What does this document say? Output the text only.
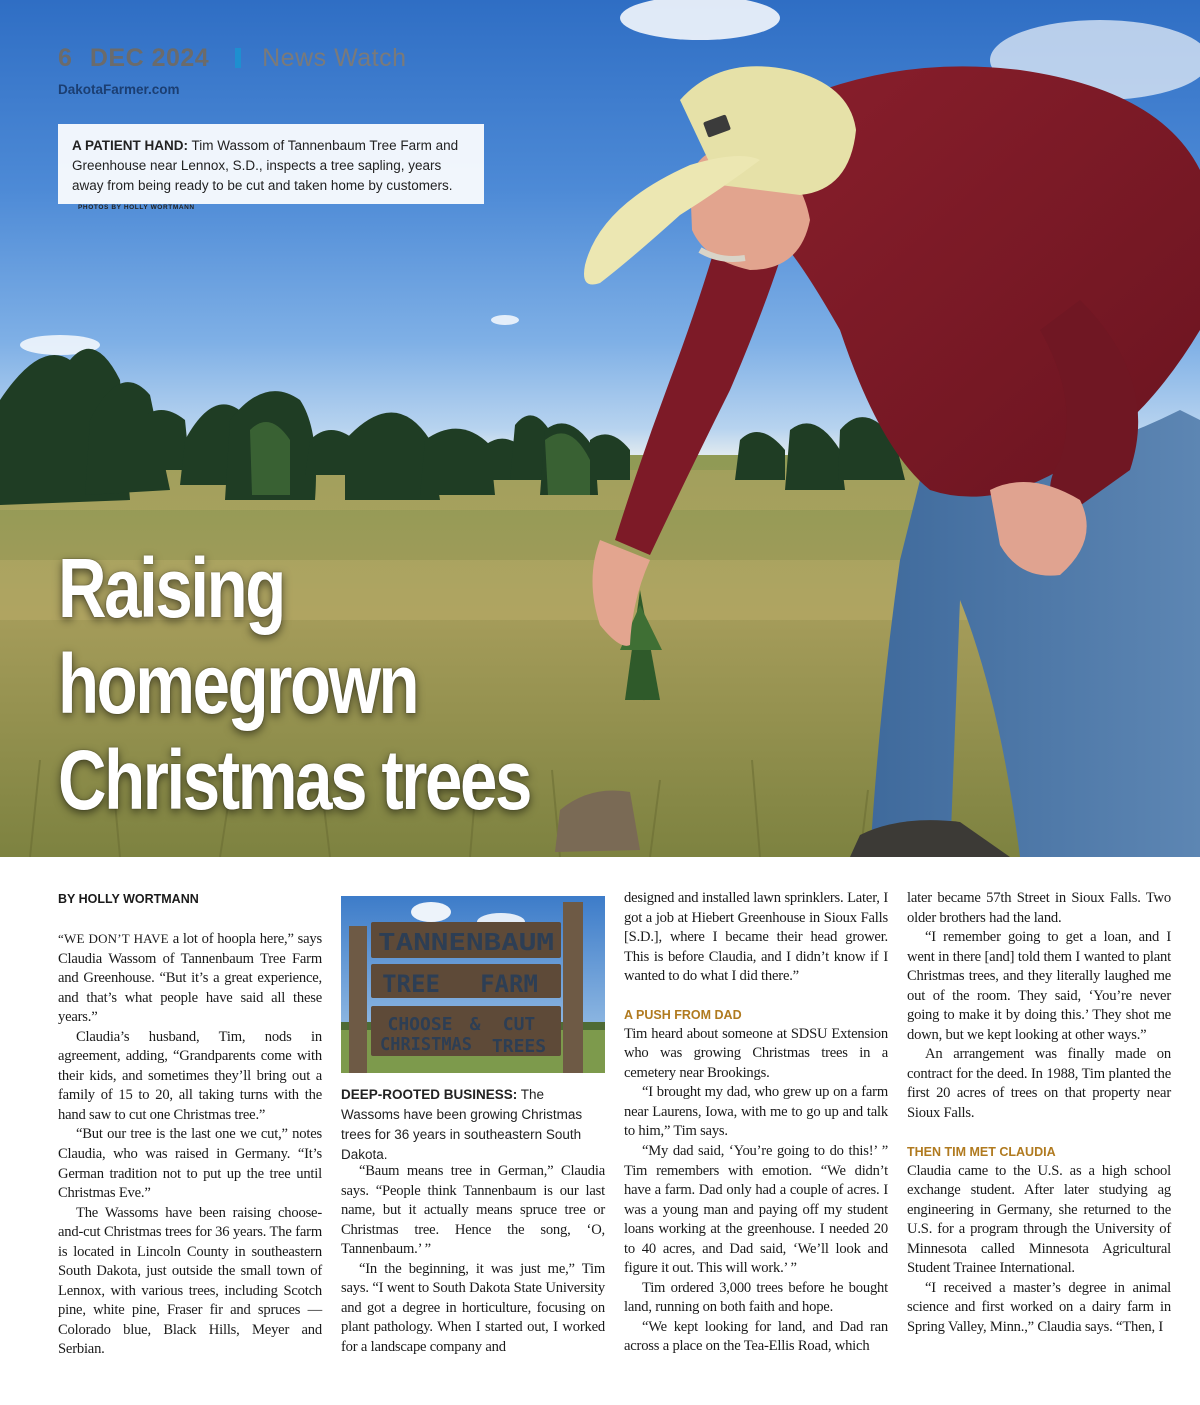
6 DEC 2024 News Watch
DakotaFarmer.com
A PATIENT HAND: Tim Wassom of Tannenbaum Tree Farm and Greenhouse near Lennox, S.D., inspects a tree sapling, years away from being ready to be cut and taken home by customers. PHOTOS BY HOLLY WORTMANN
Raising
homegrown
Christmas trees
BY HOLLY WORTMANN

“WE DON’T HAVE a lot of hoopla here,” says Claudia Wassom of Tannenbaum Tree Farm and Greenhouse. “But it’s a great experience, and that’s what people have said all these years.”

Claudia’s husband, Tim, nods in agreement, adding, “Grandparents come with their kids, and sometimes they’ll bring out a family of 15 to 20, all taking turns with the hand saw to cut one Christmas tree.”

“But our tree is the last one we cut,” notes Claudia, who was raised in Germany. “It’s German tradition not to put up the tree until Christmas Eve.”

The Wassoms have been raising choose-and-cut Christmas trees for 36 years. The farm is located in Lincoln County in southeastern South Dakota, just outside the small town of Lennox, with various trees, including Scotch pine, white pine, Fraser fir and spruces — Colorado blue, Black Hills, Meyer and Serbian.

TANNENBAUM
TREE FARM
CHOOSE & CUT
CHRISTMAS TREES
DEEP-ROOTED BUSINESS: The Wassoms have been growing Christmas trees for 36 years in southeastern South Dakota.

“Baum means tree in German,” Claudia says. “People think Tannenbaum is our last name, but it actually means spruce tree or Christmas tree. Hence the song, ‘O, Tannenbaum.’ ”

“In the beginning, it was just me,” Tim says. “I went to South Dakota State University and got a degree in horticulture, focusing on plant pathology. When I started out, I worked for a landscape company and

designed and installed lawn sprinklers. Later, I got a job at Hiebert Greenhouse in Sioux Falls [S.D.], where I became their head grower. This is before Claudia, and I didn’t know if I wanted to do what I did there.”

A PUSH FROM DAD

Tim heard about someone at SDSU Extension who was growing Christmas trees in a cemetery near Brookings.

“I brought my dad, who grew up on a farm near Laurens, Iowa, with me to go up and talk to him,” Tim says.

“My dad said, ‘You’re going to do this!’ ” Tim remembers with emotion. “We didn’t have a farm. Dad only had a couple of acres. I was a young man and paying off my student loans working at the greenhouse. I needed 20 to 40 acres, and Dad said, ‘We’ll look and figure it out. This will work.’ ”

Tim ordered 3,000 trees before he bought land, running on both faith and hope.

“We kept looking for land, and Dad ran across a place on the Tea-Ellis Road, which

later became 57th Street in Sioux Falls. Two older brothers had the land.

“I remember going to get a loan, and I went in there [and] told them I wanted to plant Christmas trees, and they literally laughed me out of the room. They said, ‘You’re never going to make it by doing this.’ They shot me down, but we kept looking at other ways.”

An arrangement was finally made on contract for the deed. In 1988, Tim planted the first 20 acres of trees on that property near Sioux Falls.

THEN TIM MET CLAUDIA

Claudia came to the U.S. as a high school exchange student. After later studying ag engineering in Germany, she returned to the U.S. for a program through the University of Minnesota called Minnesota Agricultural Student Trainee International.

“I received a master’s degree in animal science and first worked on a dairy farm in Spring Valley, Minn.,” Claudia says. “Then, I
